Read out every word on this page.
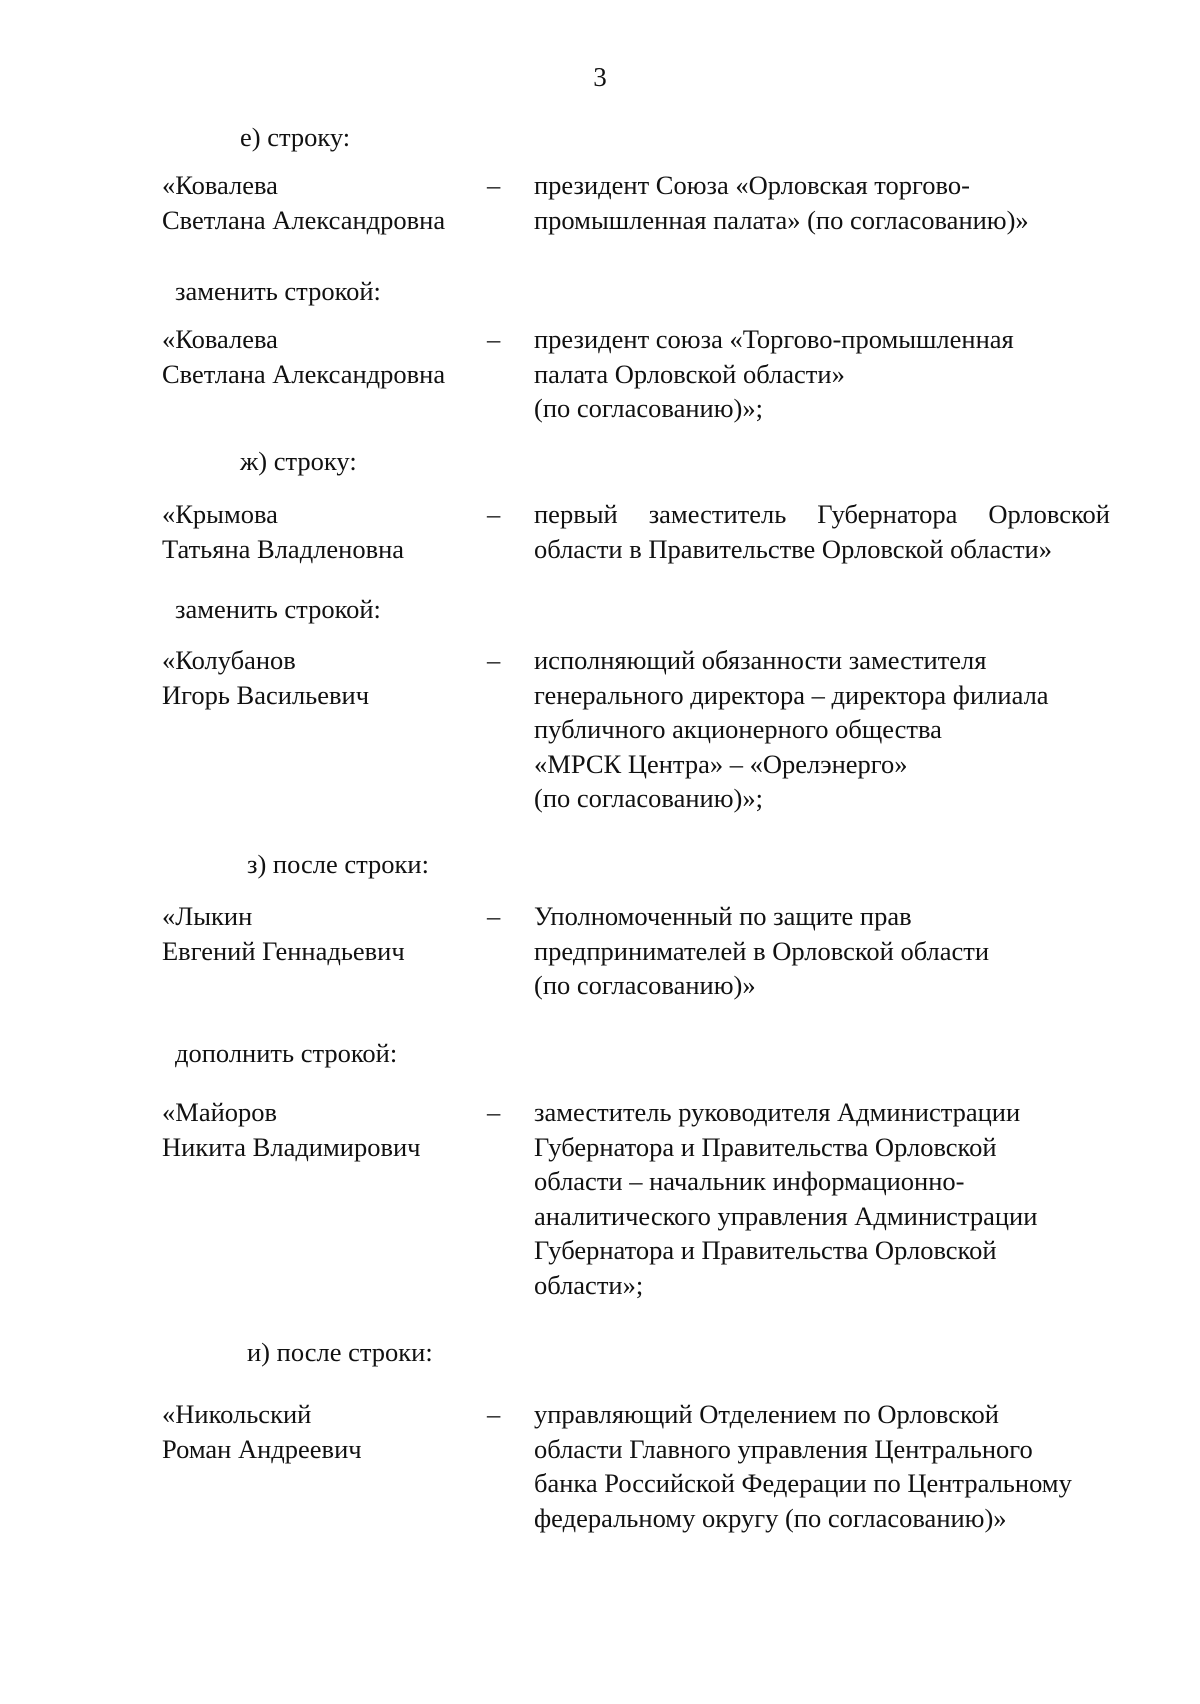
3
е) строку:
«Ковалева
Светлана Александровна
– президент Союза «Орловская торгово-
промышленная палата» (по согласованию)»
заменить строкой:
«Ковалева
Светлана Александровна
– президент союза «Торгово-промышленная
палата Орловской области»
(по согласованию)»;
ж) строку:
«Крымова
Татьяна Владленовна
– первый заместитель Губернатора Орловской
области в Правительстве Орловской области»
заменить строкой:
«Колубанов
Игорь Васильевич
– исполняющий обязанности заместителя
генерального директора – директора филиала
публичного акционерного общества
«МРСК Центра» – «Орелэнерго»
(по согласованию)»;
з) после строки:
«Лыкин
Евгений Геннадьевич
– Уполномоченный по защите прав
предпринимателей в Орловской области
(по согласованию)»
дополнить строкой:
«Майоров
Никита Владимирович
– заместитель руководителя Администрации
Губернатора и Правительства Орловской
области – начальник информационно-
аналитического управления Администрации
Губернатора и Правительства Орловской
области»;
и) после строки:
«Никольский
Роман Андреевич
– управляющий Отделением по Орловской
области Главного управления Центрального
банка Российской Федерации по Центральному
федеральному округу (по согласованию)»
